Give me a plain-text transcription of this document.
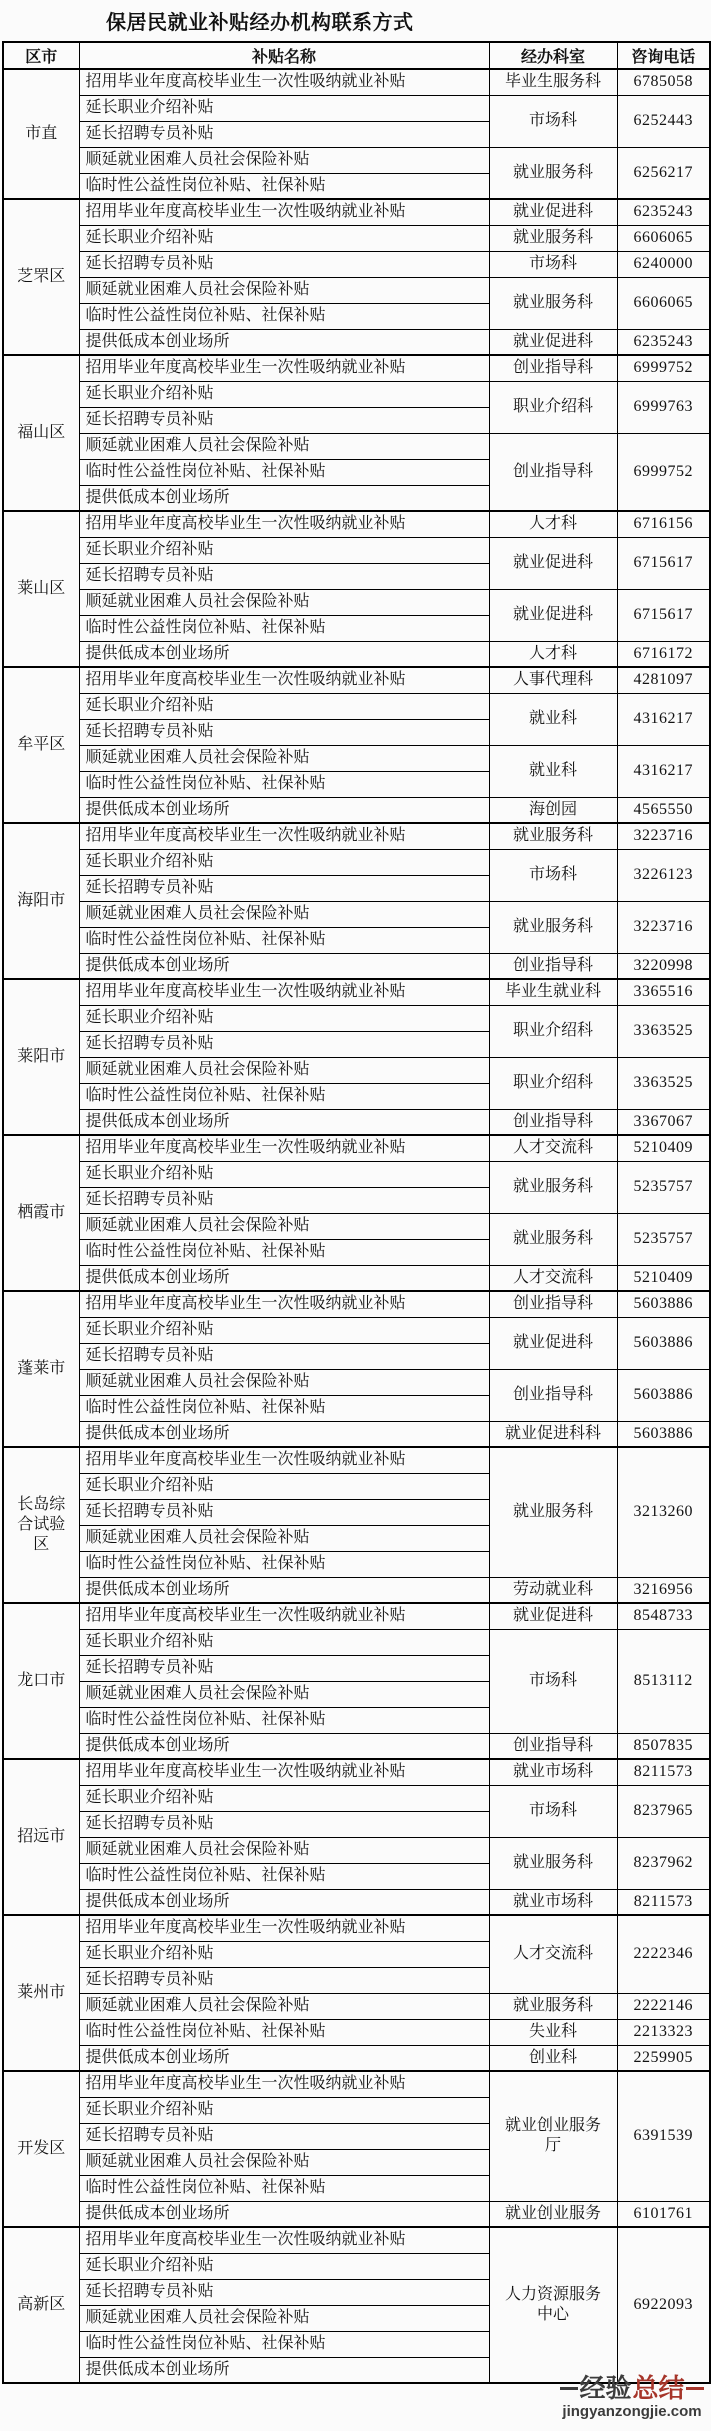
保居民就业补贴经办机构联系方式
区市	补贴名称	经办科室	咨询电话
市直	招用毕业年度高校毕业生一次性吸纳就业补贴	毕业生服务科	6785058
	延长职业介绍补贴	市场科	6252443
	延长招聘专员补贴		
	顺延就业困难人员社会保险补贴	就业服务科	6256217
	临时性公益性岗位补贴、社保补贴		
芝罘区	招用毕业年度高校毕业生一次性吸纳就业补贴	就业促进科	6235243
	延长职业介绍补贴	就业服务科	6606065
	延长招聘专员补贴	市场科	6240000
	顺延就业困难人员社会保险补贴	就业服务科	6606065
	临时性公益性岗位补贴、社保补贴		
	提供低成本创业场所	就业促进科	6235243
福山区	招用毕业年度高校毕业生一次性吸纳就业补贴	创业指导科	6999752
	延长职业介绍补贴	职业介绍科	6999763
	延长招聘专员补贴		
	顺延就业困难人员社会保险补贴	创业指导科	6999752
	临时性公益性岗位补贴、社保补贴		
	提供低成本创业场所		
莱山区	招用毕业年度高校毕业生一次性吸纳就业补贴	人才科	6716156
	延长职业介绍补贴	就业促进科	6715617
	延长招聘专员补贴		
	顺延就业困难人员社会保险补贴	就业促进科	6715617
	临时性公益性岗位补贴、社保补贴		
	提供低成本创业场所	人才科	6716172
牟平区	招用毕业年度高校毕业生一次性吸纳就业补贴	人事代理科	4281097
	延长职业介绍补贴	就业科	4316217
	延长招聘专员补贴		
	顺延就业困难人员社会保险补贴	就业科	4316217
	临时性公益性岗位补贴、社保补贴		
	提供低成本创业场所	海创园	4565550
海阳市	招用毕业年度高校毕业生一次性吸纳就业补贴	就业服务科	3223716
	延长职业介绍补贴	市场科	3226123
	延长招聘专员补贴		
	顺延就业困难人员社会保险补贴	就业服务科	3223716
	临时性公益性岗位补贴、社保补贴		
	提供低成本创业场所	创业指导科	3220998
莱阳市	招用毕业年度高校毕业生一次性吸纳就业补贴	毕业生就业科	3365516
	延长职业介绍补贴	职业介绍科	3363525
	延长招聘专员补贴		
	顺延就业困难人员社会保险补贴	职业介绍科	3363525
	临时性公益性岗位补贴、社保补贴		
	提供低成本创业场所	创业指导科	3367067
栖霞市	招用毕业年度高校毕业生一次性吸纳就业补贴	人才交流科	5210409
	延长职业介绍补贴	就业服务科	5235757
	延长招聘专员补贴		
	顺延就业困难人员社会保险补贴	就业服务科	5235757
	临时性公益性岗位补贴、社保补贴		
	提供低成本创业场所	人才交流科	5210409
蓬莱市	招用毕业年度高校毕业生一次性吸纳就业补贴	创业指导科	5603886
	延长职业介绍补贴	就业促进科	5603886
	延长招聘专员补贴		
	顺延就业困难人员社会保险补贴	创业指导科	5603886
	临时性公益性岗位补贴、社保补贴		
	提供低成本创业场所	就业促进科科	5603886
长岛综合试验区	招用毕业年度高校毕业生一次性吸纳就业补贴	就业服务科	3213260
	延长职业介绍补贴		
	延长招聘专员补贴		
	顺延就业困难人员社会保险补贴		
	临时性公益性岗位补贴、社保补贴		
	提供低成本创业场所	劳动就业科	3216956
龙口市	招用毕业年度高校毕业生一次性吸纳就业补贴	就业促进科	8548733
	延长职业介绍补贴	市场科	8513112
	延长招聘专员补贴		
	顺延就业困难人员社会保险补贴		
	临时性公益性岗位补贴、社保补贴		
	提供低成本创业场所	创业指导科	8507835
招远市	招用毕业年度高校毕业生一次性吸纳就业补贴	就业市场科	8211573
	延长职业介绍补贴	市场科	8237965
	延长招聘专员补贴		
	顺延就业困难人员社会保险补贴	就业服务科	8237962
	临时性公益性岗位补贴、社保补贴		
	提供低成本创业场所	就业市场科	8211573
莱州市	招用毕业年度高校毕业生一次性吸纳就业补贴	人才交流科	2222346
	延长职业介绍补贴		
	延长招聘专员补贴		
	顺延就业困难人员社会保险补贴	就业服务科	2222146
	临时性公益性岗位补贴、社保补贴	失业科	2213323
	提供低成本创业场所	创业科	2259905
开发区	招用毕业年度高校毕业生一次性吸纳就业补贴	就业创业服务厅	6391539
	延长职业介绍补贴		
	延长招聘专员补贴		
	顺延就业困难人员社会保险补贴		
	临时性公益性岗位补贴、社保补贴		
	提供低成本创业场所	就业创业服务	6101761
高新区	招用毕业年度高校毕业生一次性吸纳就业补贴	人力资源服务中心	6922093
	延长职业介绍补贴		
	延长招聘专员补贴		
	顺延就业困难人员社会保险补贴		
	临时性公益性岗位补贴、社保补贴		
	提供低成本创业场所		
经验 总结
jingyanzongjie.com
